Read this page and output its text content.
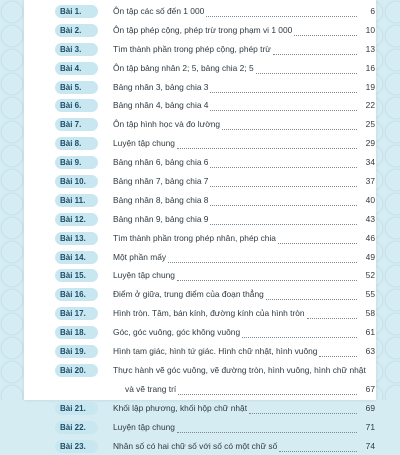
Bài 1.	Ôn tập các số đến 1 000	6
Bài 2.	Ôn tập phép cộng, phép trừ trong phạm vi 1 000	10
Bài 3.	Tìm thành phần trong phép cộng, phép trừ	13
Bài 4.	Ôn tập bảng nhân 2; 5, bảng chia 2; 5	16
Bài 5.	Bảng nhân 3, bảng chia 3	19
Bài 6.	Bảng nhân 4, bảng chia 4	22
Bài 7.	Ôn tập hình học và đo lường	25
Bài 8.	Luyện tập chung	29
Bài 9.	Bảng nhân 6, bảng chia 6	34
Bài 10.	Bảng nhân 7, bảng chia 7	37
Bài 11.	Bảng nhân 8, bảng chia 8	40
Bài 12.	Bảng nhân 9, bảng chia 9	43
Bài 13.	Tìm thành phần trong phép nhân, phép chia	46
Bài 14.	Một phần mấy	49
Bài 15.	Luyện tập chung	52
Bài 16.	Điểm ở giữa, trung điểm của đoạn thẳng	55
Bài 17.	Hình tròn. Tâm, bán kính, đường kính của hình tròn	58
Bài 18.	Góc, góc vuông, góc không vuông	61
Bài 19.	Hình tam giác, hình tứ giác. Hình chữ nhật, hình vuông	63
Bài 20.	Thực hành vẽ góc vuông, vẽ đường tròn, hình vuông, hình chữ nhật
và vẽ trang trí	67
Bài 21.	Khối lập phương, khối hộp chữ nhật	69
Bài 22.	Luyện tập chung	71
Bài 23.	Nhân số có hai chữ số với số có một chữ số	74
